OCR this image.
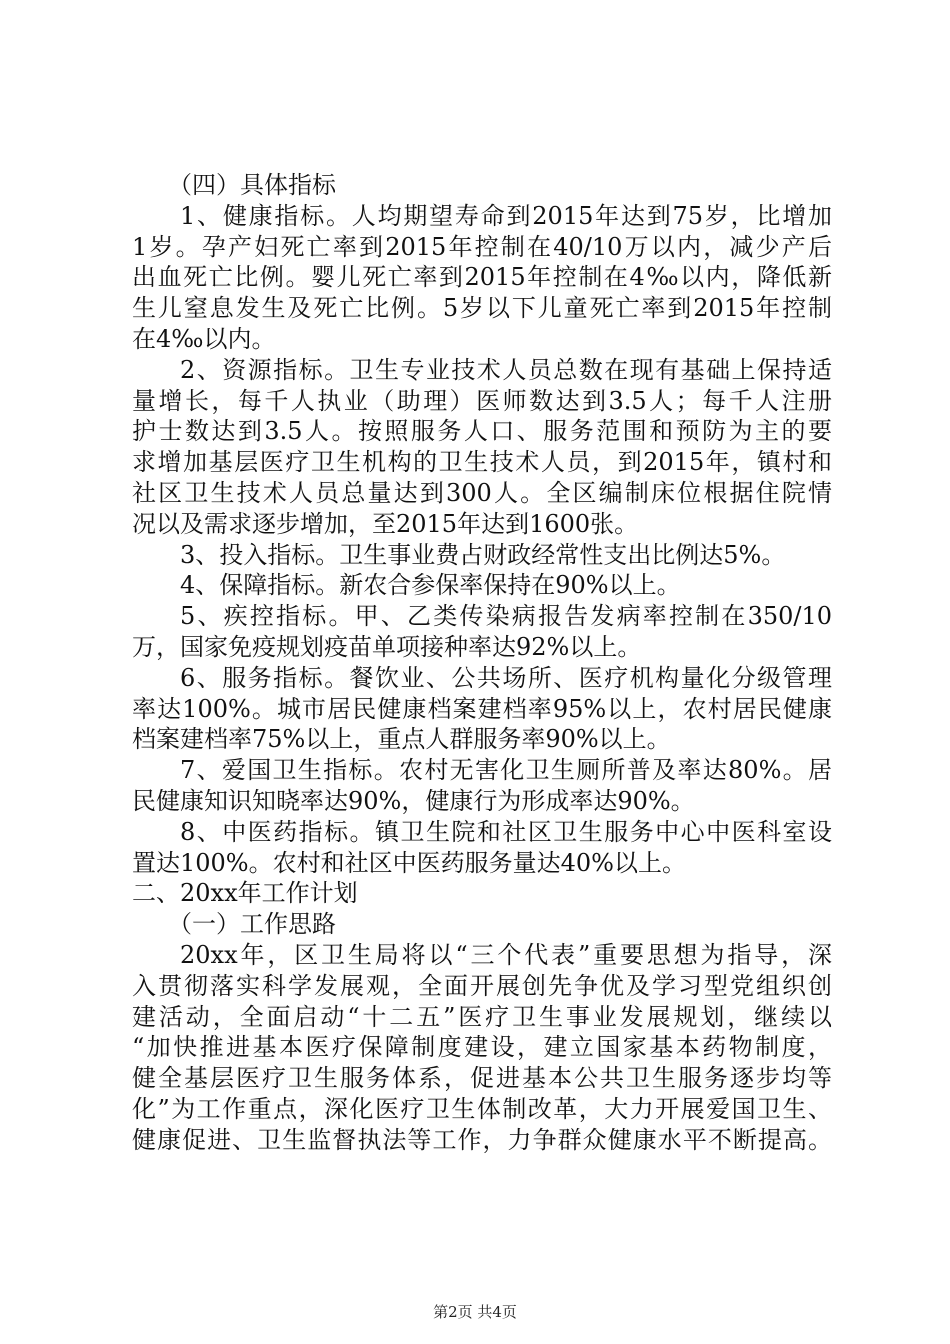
（四）具体指标
1、健康指标。人均期望寿命到2015年达到75岁，比增加
1岁。孕产妇死亡率到2015年控制在40/10万以内，减少产后
出血死亡比例。婴儿死亡率到2015年控制在4‰以内，降低新
生儿窒息发生及死亡比例。5岁以下儿童死亡率到2015年控制
在4‰以内。
2、资源指标。卫生专业技术人员总数在现有基础上保持适
量增长，每千人执业（助理）医师数达到3.5人；每千人注册
护士数达到3.5人。按照服务人口、服务范围和预防为主的要
求增加基层医疗卫生机构的卫生技术人员，到2015年，镇村和
社区卫生技术人员总量达到300人。全区编制床位根据住院情
况以及需求逐步增加，至2015年达到1600张。
3、投入指标。卫生事业费占财政经常性支出比例达5%。
4、保障指标。新农合参保率保持在90%以上。
5、疾控指标。甲、乙类传染病报告发病率控制在350/10
万，国家免疫规划疫苗单项接种率达92%以上。
6、服务指标。餐饮业、公共场所、医疗机构量化分级管理
率达100%。城市居民健康档案建档率95%以上，农村居民健康
档案建档率75%以上，重点人群服务率90%以上。
7、爱国卫生指标。农村无害化卫生厕所普及率达80%。居
民健康知识知晓率达90%，健康行为形成率达90%。
8、中医药指标。镇卫生院和社区卫生服务中心中医科室设
置达100%。农村和社区中医药服务量达40%以上。
二、20xx年工作计划
（一）工作思路
20xx年，区卫生局将以“三个代表”重要思想为指导，深
入贯彻落实科学发展观，全面开展创先争优及学习型党组织创
建活动，全面启动“十二五”医疗卫生事业发展规划，继续以
“加快推进基本医疗保障制度建设，建立国家基本药物制度，
健全基层医疗卫生服务体系，促进基本公共卫生服务逐步均等
化”为工作重点，深化医疗卫生体制改革，大力开展爱国卫生、
健康促进、卫生监督执法等工作，力争群众健康水平不断提高。
第2页 共4页
